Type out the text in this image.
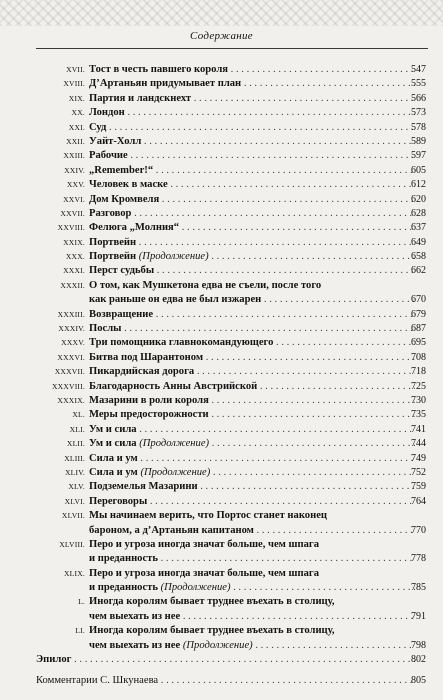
Содержание
XVII. Тост в честь павшего короля . . .	547
XVIII. Д’Артаньян придумывает план . . .	555
XIX. Партия и ландскнехт . . .	566
XX. Лондон . . .	573
XXI. Суд . . .	578
XXII. Уайт-Холл . . .	589
XXIII. Рабочие . . .	597
XXIV. „Remember!“ . . .	605
XXV. Человек в маске . . .	612
XXVI. Дом Кромвеля . . .	620
XXVII. Разговор . . .	628
XXVIII. Фелюга „Молния“ . . .	637
XXIX. Портвейн . . .	649
XXX. Портвейн (Продолжение) . . .	658
XXXI. Перст судьбы . . .	662
XXXII. О том, как Мушкетона едва не съели, после того
как раньше он едва не был изжарен . . .	670
XXXIII. Возвращение . . .	679
XXXIV. Послы . . .	687
XXXV. Три помощника главнокомандующего . . .	695
XXXVI. Битва под Шарантоном . . .	708
XXXVII. Пикардийская дорога . . .	718
XXXVIII. Благодарность Анны Австрийской . . .	725
XXXIX. Мазарини в роли короля . . .	730
XL. Меры предосторожности . . .	735
XLI. Ум и сила . . .	741
XLII. Ум и сила (Продолжение) . . .	744
XLIII. Сила и ум . . .	749
XLIV. Сила и ум (Продолжение) . . .	752
XLV. Подземелья Мазарини . . .	759
XLVI. Переговоры . . .	764
XLVII. Мы начинаем верить, что Портос станет наконец
бароном, а д’Артаньян капитаном . . .	770
XLVIII. Перо и угроза иногда значат больше, чем шпага
и преданность . . .	778
XLIX. Перо и угроза иногда значат больше, чем шпага
и преданность (Продолжение) . . .	785
L. Иногда королям бывает труднее въехать в столицу,
чем выехать из нее . . .	791
LI. Иногда королям бывает труднее въехать в столицу,
чем выехать из нее (Продолжение) . . .	798
Эпилог . . .	802
Комментарии С. Шкунаева . . .	805
